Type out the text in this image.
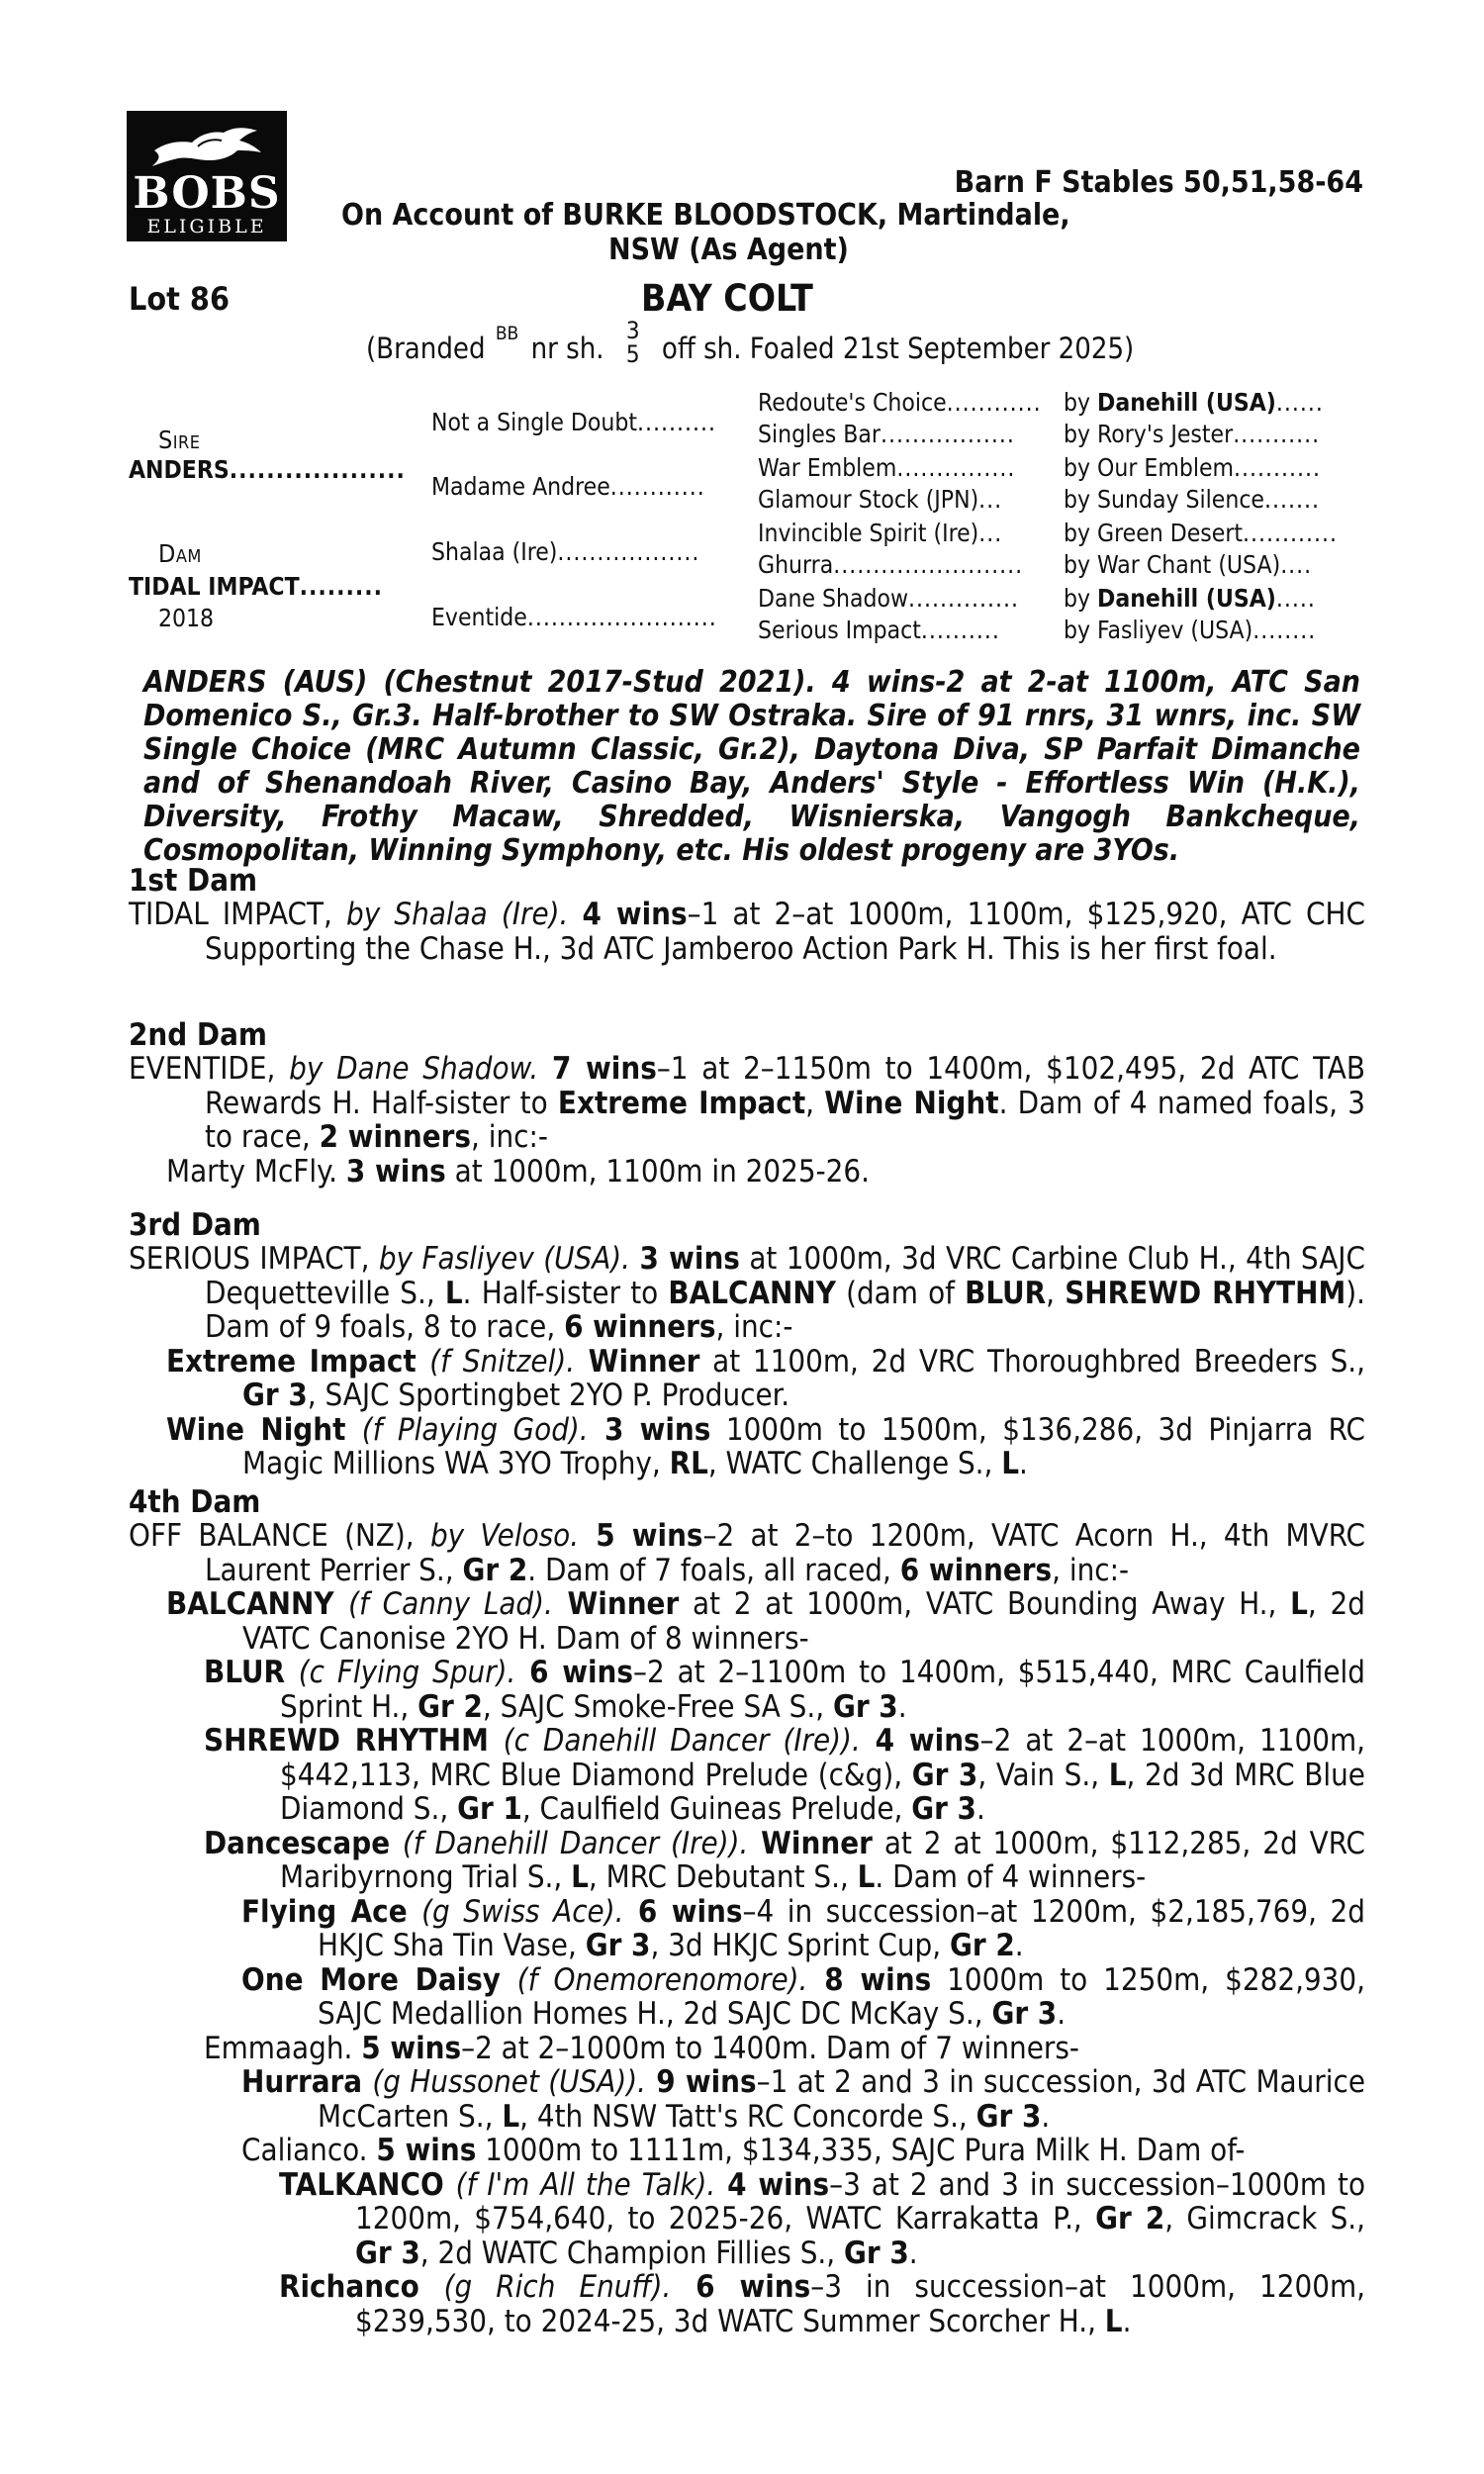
BOBS
ELIGIBLE
Barn F Stables 50,51,58-64
On Account of BURKE BLOODSTOCK, Martindale,
NSW (As Agent)
Lot 86	BAY COLT
(Branded BB nr sh.
3
5 off sh. Foaled 21st September 2025)
Sire
ANDERS...................
Dam
TIDAL IMPACT.........
2018
Not a Single Doubt..........
Madame Andree............
Shalaa (Ire)..................
Eventide........................
Redoute's Choice............ by Danehill (USA)......
Singles Bar................. by Rory's Jester...........
War Emblem............... by Our Emblem...........
Glamour Stock (JPN)...	by Sunday Silence.......
Invincible Spirit (Ire)...	by Green Desert............
Ghurra........................ by War Chant (USA)....
Dane Shadow.............. by Danehill (USA).....
Serious Impact..........	by Fasliyev (USA)........
ANDERS (AUS) (Chestnut 2017-Stud 2021). 4 wins-2 at 2-at 1100m, ATC San Domenico S., Gr.3. Half-brother to SW Ostraka. Sire of 91 rnrs, 31 wnrs, inc. SW Single Choice (MRC Autumn Classic, Gr.2), Daytona Diva, SP Parfait Dimanche and of Shenandoah River, Casino Bay, Anders' Style - Effortless Win (H.K.), Diversity, Frothy Macaw, Shredded, Wisnierska, Vangogh Bankcheque, Cosmopolitan, Winning Symphony, etc. His oldest progeny are 3YOs.
1st Dam

TIDAL IMPACT, by Shalaa (Ire). 4 wins–1 at 2–at 1000m, 1100m, $125,920, ATC CHC Supporting the Chase H., 3d ATC Jamberoo Action Park H. This is her first foal.

2nd Dam

EVENTIDE, by Dane Shadow. 7 wins–1 at 2–1150m to 1400m, $102,495, 2d ATC TAB Rewards H. Half-sister to Extreme Impact, Wine Night. Dam of 4 named foals, 3 to race, 2 winners, inc:-

Marty McFly. 3 wins at 1000m, 1100m in 2025-26.

3rd Dam

SERIOUS IMPACT, by Fasliyev (USA). 3 wins at 1000m, 3d VRC Carbine Club H., 4th SAJC Dequetteville S., L. Half-sister to BALCANNY (dam of BLUR, SHREWD RHYTHM). Dam of 9 foals, 8 to race, 6 winners, inc:-

Extreme Impact (f Snitzel). Winner at 1100m, 2d VRC Thoroughbred Breeders S., Gr 3, SAJC Sportingbet 2YO P. Producer.

Wine Night (f Playing God). 3 wins 1000m to 1500m, $136,286, 3d Pinjarra RC Magic Millions WA 3YO Trophy, RL, WATC Challenge S., L.

4th Dam

OFF BALANCE (NZ), by Veloso. 5 wins–2 at 2–to 1200m, VATC Acorn H., 4th MVRC Laurent Perrier S., Gr 2. Dam of 7 foals, all raced, 6 winners, inc:-

BALCANNY (f Canny Lad). Winner at 2 at 1000m, VATC Bounding Away H., L, 2d VATC Canonise 2YO H. Dam of 8 winners-

BLUR (c Flying Spur). 6 wins–2 at 2–1100m to 1400m, $515,440, MRC Caulfield Sprint H., Gr 2, SAJC Smoke-Free SA S., Gr 3.

SHREWD RHYTHM (c Danehill Dancer (Ire)). 4 wins–2 at 2–at 1000m, 1100m, $442,113, MRC Blue Diamond Prelude (c&g), Gr 3, Vain S., L, 2d 3d MRC Blue Diamond S., Gr 1, Caulfield Guineas Prelude, Gr 3.

Dancescape (f Danehill Dancer (Ire)). Winner at 2 at 1000m, $112,285, 2d VRC Maribyrnong Trial S., L, MRC Debutant S., L. Dam of 4 winners-

Flying Ace (g Swiss Ace). 6 wins–4 in succession–at 1200m, $2,185,769, 2d HKJC Sha Tin Vase, Gr 3, 3d HKJC Sprint Cup, Gr 2.

One More Daisy (f Onemorenomore). 8 wins 1000m to 1250m, $282,930, SAJC Medallion Homes H., 2d SAJC DC McKay S., Gr 3.

Emmaagh. 5 wins–2 at 2–1000m to 1400m. Dam of 7 winners-

Hurrara (g Hussonet (USA)). 9 wins–1 at 2 and 3 in succession, 3d ATC Maurice McCarten S., L, 4th NSW Tatt's RC Concorde S., Gr 3.

Calianco. 5 wins 1000m to 1111m, $134,335, SAJC Pura Milk H. Dam of-

TALKANCO (f I'm All the Talk). 4 wins–3 at 2 and 3 in succession–1000m to 1200m, $754,640, to 2025-26, WATC Karrakatta P., Gr 2, Gimcrack S., Gr 3, 2d WATC Champion Fillies S., Gr 3.

Richanco (g Rich Enuff). 6 wins–3 in succession–at 1000m, 1200m, $239,530, to 2024-25, 3d WATC Summer Scorcher H., L.
